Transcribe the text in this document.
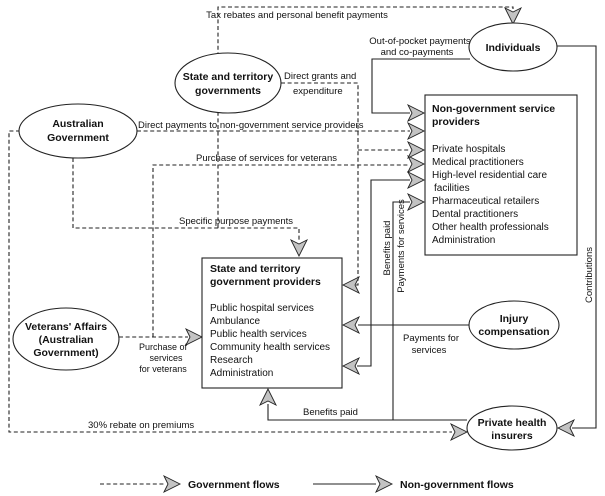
Australian
Government
State and territory
governments
Individuals
Veterans' Affairs
(Australian
Government)
Injury
compensation
Private health
insurers
Non-government service
providers
Private hospitals
Medical practitioners
High-level residential care
facilities
Pharmaceutical retailers
Dental practitioners
Other health professionals
Administration
State and territory
government providers
Public hospital services
Ambulance
Public health services
Community health services
Research
Administration
Tax rebates and personal benefit payments
Out-of-pocket payments
and co-payments
Direct grants and
expenditure
Direct payments to non-government service providers
Purchase of services for veterans
Specific purpose payments	Benefits paid Payments for services	Contributions
Purchase of
services
for veterans
Payments for
services
Benefits paid
30% rebate on premiums
Government flows	Non-government flows
